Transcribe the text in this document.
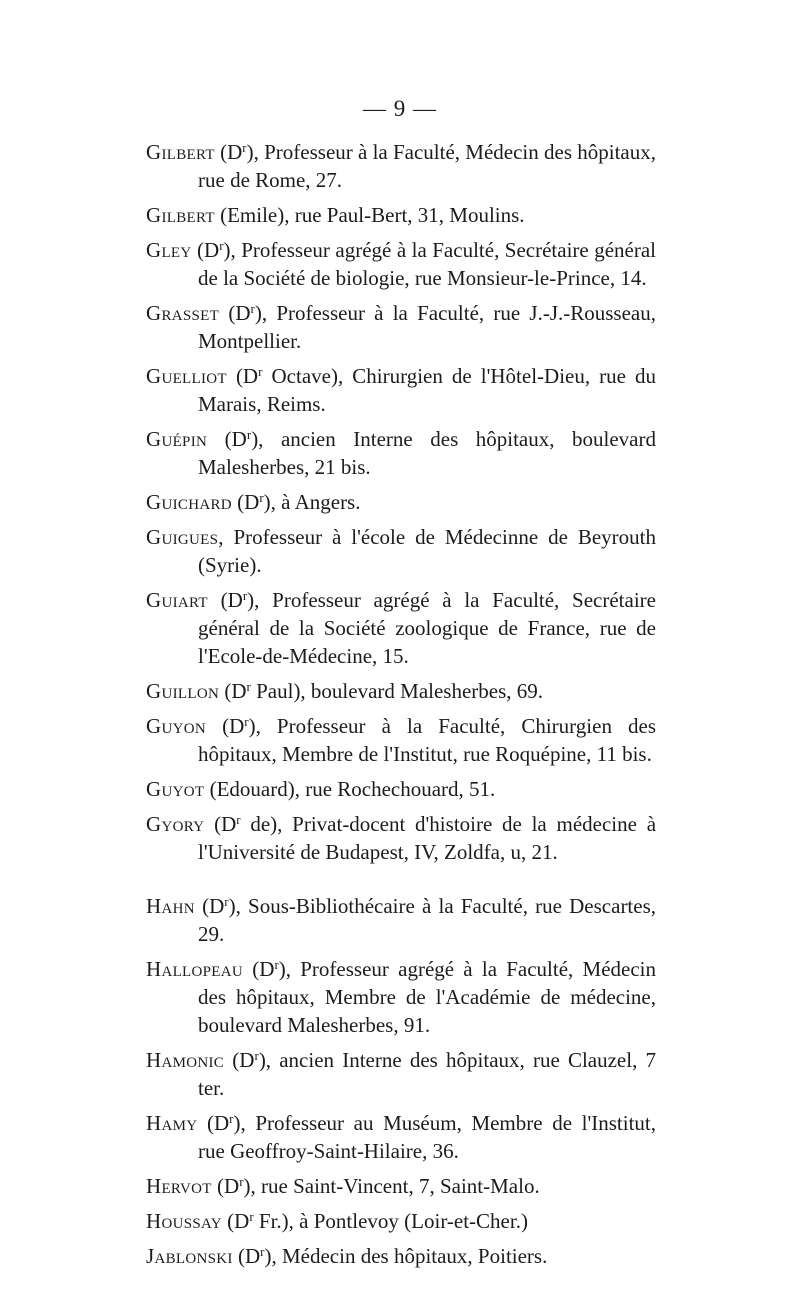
— 9 —

Gilbert $(D^r)$, Professeur à la Faculté, Médecin des hôpitaux, rue de Rome, 27.

Gilbert (Emile), rue Paul-Bert, 31, Moulins.

Gley $(D^r)$, Professeur agrégé à la Faculté, Secrétaire général de la Société de biologie, rue Monsieur-le-Prince, 14.

Grasset $(D^r)$, Professeur à la Faculté, rue J.-J.-Rousseau, Montpellier.

Guelliot ($D^r$ Octave), Chirurgien de l'Hôtel-Dieu, rue du Marais, Reims.

Guépin $(D^r)$, ancien Interne des hôpitaux, boulevard Malesherbes, 21 bis.

Guichard $(D^r)$, à Angers.

Guigues, Professeur à l'école de Médecinne de Beyrouth (Syrie).

Guiart $(D^r)$, Professeur agrégé à la Faculté, Secrétaire général de la Société zoologique de France, rue de l'Ecole-de-Médecine, 15.

Guillon ($D^r$ Paul), boulevard Malesherbes, 69.

Guyon $(D^r)$, Professeur à la Faculté, Chirurgien des hôpitaux, Membre de l'Institut, rue Roquépine, 11 bis.

Guyot (Edouard), rue Rochechouard, 51.

Gyory ($D^r$ de), Privat-docent d'histoire de la médecine à l'Université de Budapest, IV, Zoldfa, u, 21.

Hahn $(D^r)$, Sous-Bibliothécaire à la Faculté, rue Descartes, 29.

Hallopeau $(D^r)$, Professeur agrégé à la Faculté, Médecin des hôpitaux, Membre de l'Académie de médecine, boulevard Malesherbes, 91.

Hamonic $(D^r)$, ancien Interne des hôpitaux, rue Clauzel, 7 ter.

Hamy $(D^r)$, Professeur au Muséum, Membre de l'Institut, rue Geoffroy-Saint-Hilaire, 36.

Hervot $(D^r)$, rue Saint-Vincent, 7, Saint-Malo.

Houssay ($D^r$ Fr.), à Pontlevoy (Loir-et-Cher.)

Jablonski $(D^r)$, Médecin des hôpitaux, Poitiers.
